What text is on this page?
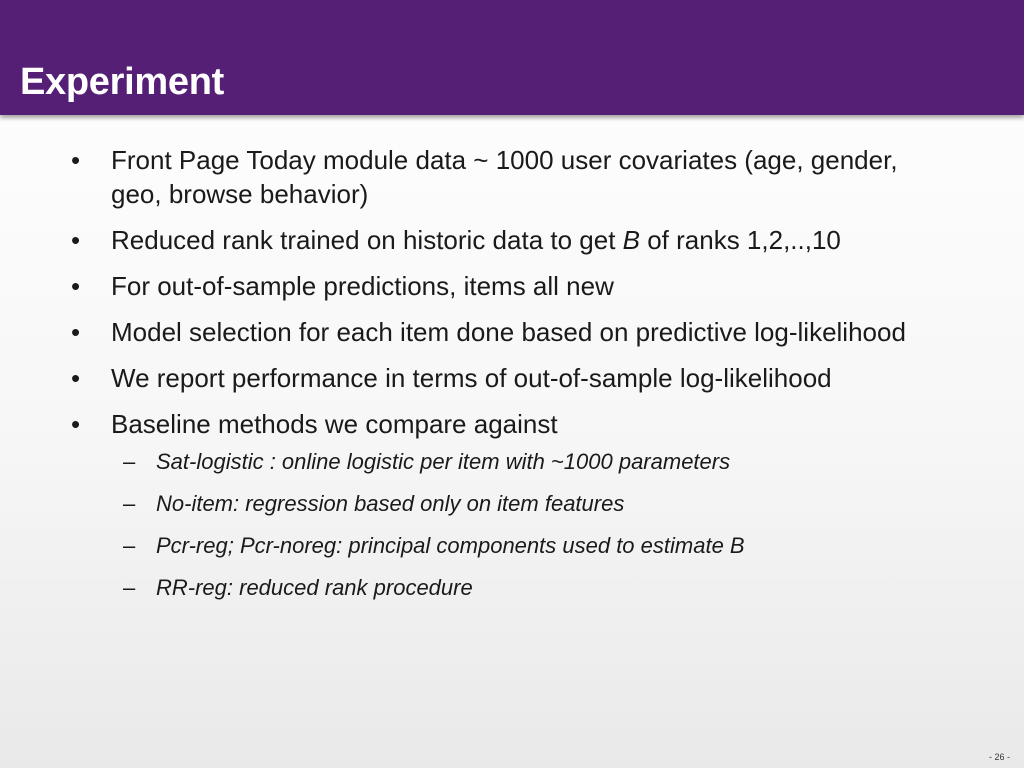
Experiment
• Front Page Today module data ~ 1000 user covariates (age, gender, geo, browse behavior)
• Reduced rank trained on historic data to get B of ranks 1,2,..,10
• For out-of-sample predictions, items all new
• Model selection for each item done based on predictive log-likelihood
• We report performance in terms of out-of-sample log-likelihood
• Baseline methods we compare against
– Sat-logistic : online logistic per item with ~1000 parameters
– No-item: regression based only on item features
– Pcr-reg; Pcr-noreg: principal components used to estimate B
– RR-reg: reduced rank procedure
- 26 -
